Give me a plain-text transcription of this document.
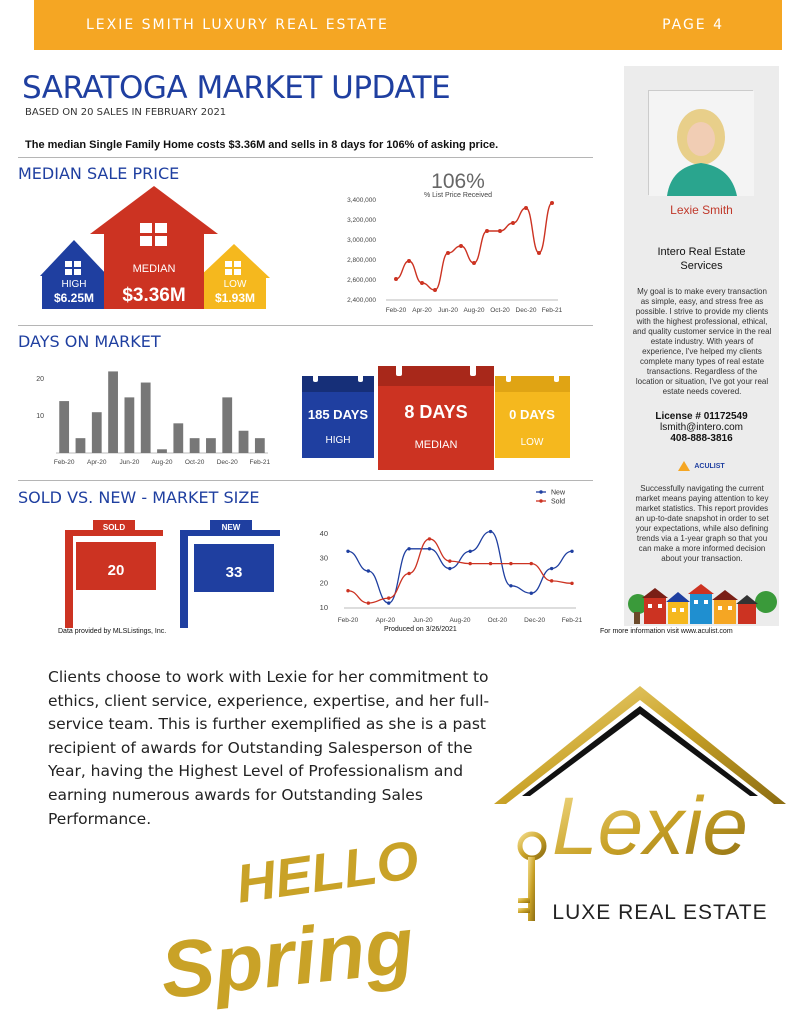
LEXIE SMITH LUXURY REAL ESTATE	PAGE 4
SARATOGA MARKET UPDATE
BASED ON 20 SALES IN FEBRUARY 2021
The median Single Family Home costs $3.36M and sells in 8 days for 106% of asking price.
MEDIAN SALE PRICE
HIGH
$6.25M
LOW
$1.93M
MEDIAN
$3.36M
106%
% List Price Received
3,400,000
3,200,000
3,000,000
2,800,000
2,600,000
2,400,000
Feb-20 Apr-20 Jun-20 Aug-20 Oct-20 Dec-20 Feb-21
DAYS ON MARKET
20
10
Feb-20 Apr-20 Jun-20 Aug-20 Oct-20 Dec-20 Feb-21
185 DAYS
HIGH
0 DAYS
LOW
8 DAYS
MEDIAN
SOLD VS. NEW - MARKET SIZE
SOLD
20
NEW
33
40
30
20
10
Feb-20	Apr-20	Jun-20	Aug-20	Oct-20	Dec-20	Feb-21
New
Sold
Data provided by MLSListings, Inc.	Produced on 3/26/2021	For more information visit www.aculist.com
Lexie Smith
Intero Real Estate
Services
My goal is to make every transaction as simple, easy, and stress free as possible. I strive to provide my clients with the highest professional, ethical, and quality customer service in the real estate industry. With years of experience, I've helped my clients complete many types of real estate transactions. Regardless of the location or situation, I've got your real estate needs covered.
License # 01172549
lsmith@intero.com
408-888-3816
ACULIST
Successfully navigating the current market means paying attention to key market statistics. This report provides an up-to-date snapshot in order to set your expectations, while also defining trends via a 1-year graph so that you can make a more informed decision about your transaction.
Clients choose to work with Lexie for her commitment to ethics, client service, experience, expertise, and her full-service team. This is further exemplified as she is a past recipient of awards for Outstanding Salesperson of the Year, having the Highest Level of Professionalism and earning numerous awards for Outstanding Sales Performance.
HELLO
Spring
Lexie
LUXE REAL ESTATE
